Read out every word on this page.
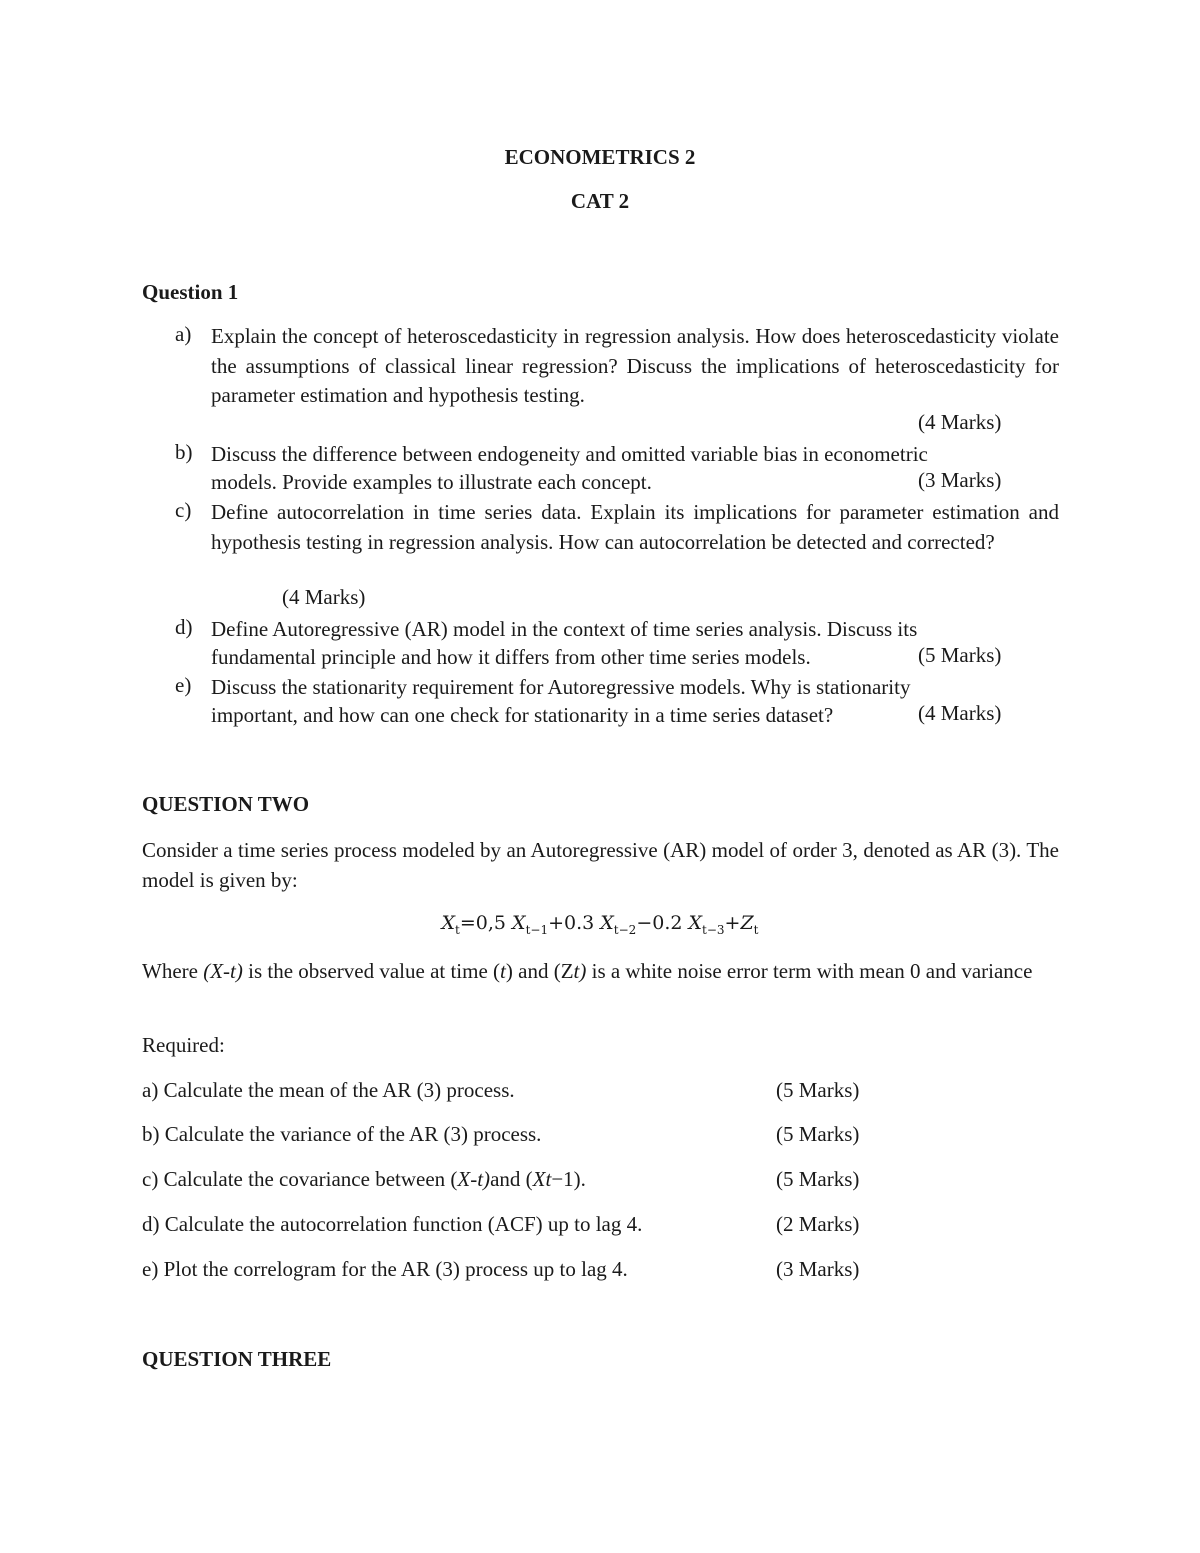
ECONOMETRICS 2
CAT 2
Question 1
a) Explain the concept of heteroscedasticity in regression analysis. How does heteroscedasticity violate the assumptions of classical linear regression? Discuss the implications of heteroscedasticity for parameter estimation and hypothesis testing.
(4 Marks)
b) Discuss the difference between endogeneity and omitted variable bias in econometric
models. Provide examples to illustrate each concept.	(3 Marks)
c) Define autocorrelation in time series data. Explain its implications for parameter estimation and hypothesis testing in regression analysis. How can autocorrelation be detected and corrected?
(4 Marks)
d) Define Autoregressive (AR) model in the context of time series analysis. Discuss its
fundamental principle and how it differs from other time series models.	(5 Marks)
e) Discuss the stationarity requirement for Autoregressive models. Why is stationarity
important, and how can one check for stationarity in a time series dataset?	(4 Marks)
QUESTION TWO
Consider a time series process modeled by an Autoregressive (AR) model of order 3, denoted as AR (3). The model is given by:
$X_t=0,5$ $X_{t-1}+0.3$ $X_{t-2}-0.2$ $X_{t-3}+Z_t$
Where (X-t) is the observed value at time (t) and (Zt) is a white noise error term with mean 0 and variance
Required:
a) Calculate the mean of the AR (3) process.	(5 Marks)
b) Calculate the variance of the AR (3) process.	(5 Marks)
c) Calculate the covariance between (X-t)and (Xt−1).	(5 Marks)
d) Calculate the autocorrelation function (ACF) up to lag 4.	(2 Marks)
e) Plot the correlogram for the AR (3) process up to lag 4.	(3 Marks)
QUESTION THREE
